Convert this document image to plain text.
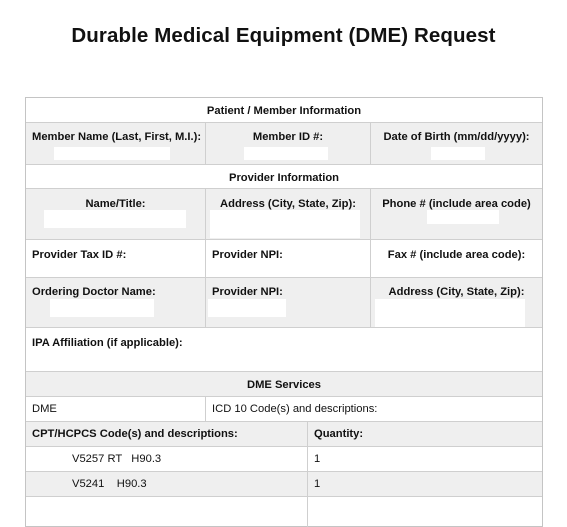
Durable Medical Equipment (DME) Request
Patient / Member Information
Member Name (Last, First, M.I.):	Member ID #:	Date of Birth (mm/dd/yyyy):
Provider Information
Name/Title:	Address (City, State, Zip):	Phone # (include area code)
Provider Tax ID #:	Provider NPI:	Fax # (include area code):
Ordering Doctor Name:	Provider NPI:	Address (City, State, Zip):
IPA Affiliation (if applicable):
DME Services
DME	ICD 10 Code(s) and descriptions:
CPT/HCPCS Code(s) and descriptions:	Quantity:
V5257 RT   H90.3	1
V5241    H90.3	1
